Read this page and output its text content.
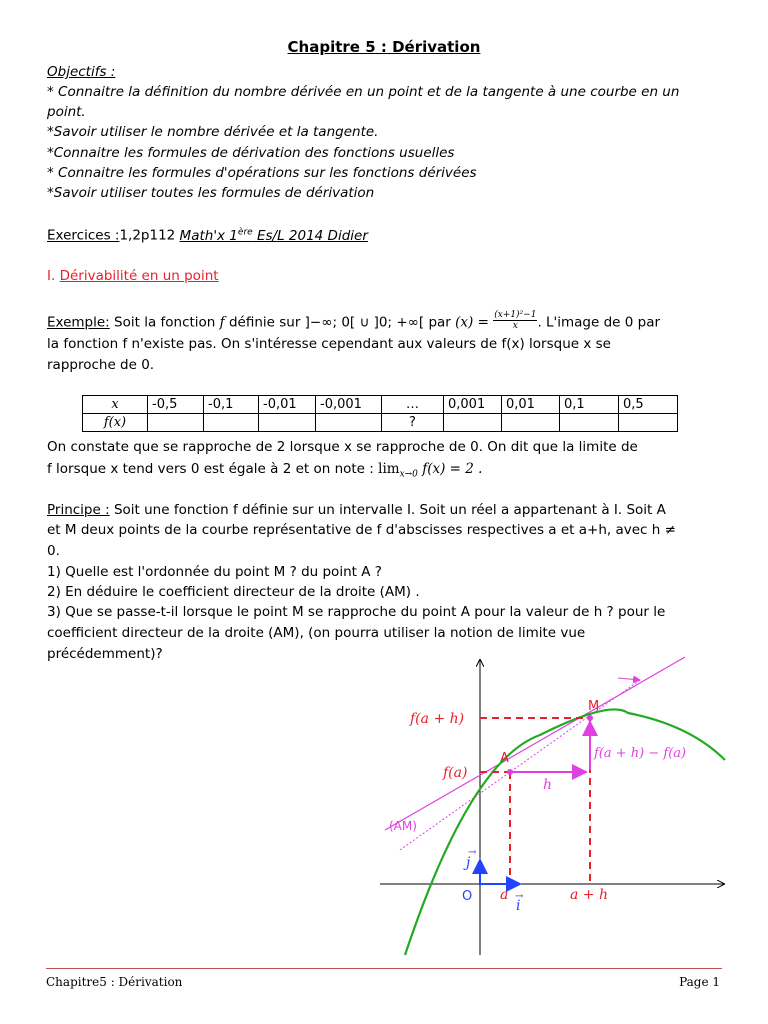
Chapitre 5 : Dérivation
Objectifs :
* Connaitre la définition du nombre dérivée en un point et de la tangente à une courbe en un
point.
*Savoir utiliser le nombre dérivée et la tangente.
*Connaitre les formules de dérivation des fonctions usuelles
* Connaitre les formules d'opérations sur les fonctions dérivées
*Savoir utiliser toutes les formules de dérivation
Exercices :1,2p112 Math'x 1ère Es/L 2014 Didier
I. Dérivabilité en un point
Exemple: Soit la fonction f définie sur ]−∞; 0[ ∪ ]0; +∞[ par $(x) = \frac{\text{(x+1)²−1}}{x}$ . L'image de 0 par
la fonction f n'existe pas. On s'intéresse cependant aux valeurs de f(x) lorsque x se
rapproche de 0.
x	-0,5	-0,1	-0,01	-0,001	…	0,001	0,01	0,1	0,5
f(x)					?				
On constate que se rapproche de 2 lorsque x se rapproche de 0. On dit que la limite de
f lorsque x tend vers 0 est égale à 2 et on note : $\lim_{x\to 0} f(x) = 2$ .
Principe : Soit une fonction f définie sur un intervalle I. Soit un réel a appartenant à I. Soit A
et M deux points de la courbe représentative de f d'abscisses respectives a et a+h, avec h ≠
0.
1) Quelle est l'ordonnée du point M ? du point A ?
2) En déduire le coefficient directeur de la droite (AM) .
3) Que se passe-t-il lorsque le point M se rapproche du point A pour la valeur de h ? pour le
coefficient directeur de la droite (AM), (on pourra utiliser la notion de limite vue
précédemment)?
f(a + h)
f(a)
M
A
h
f(a + h) − f(a)
(AM)
j
→
i
→
O a	a + h
Chapitre5 : Dérivation	Page 1
